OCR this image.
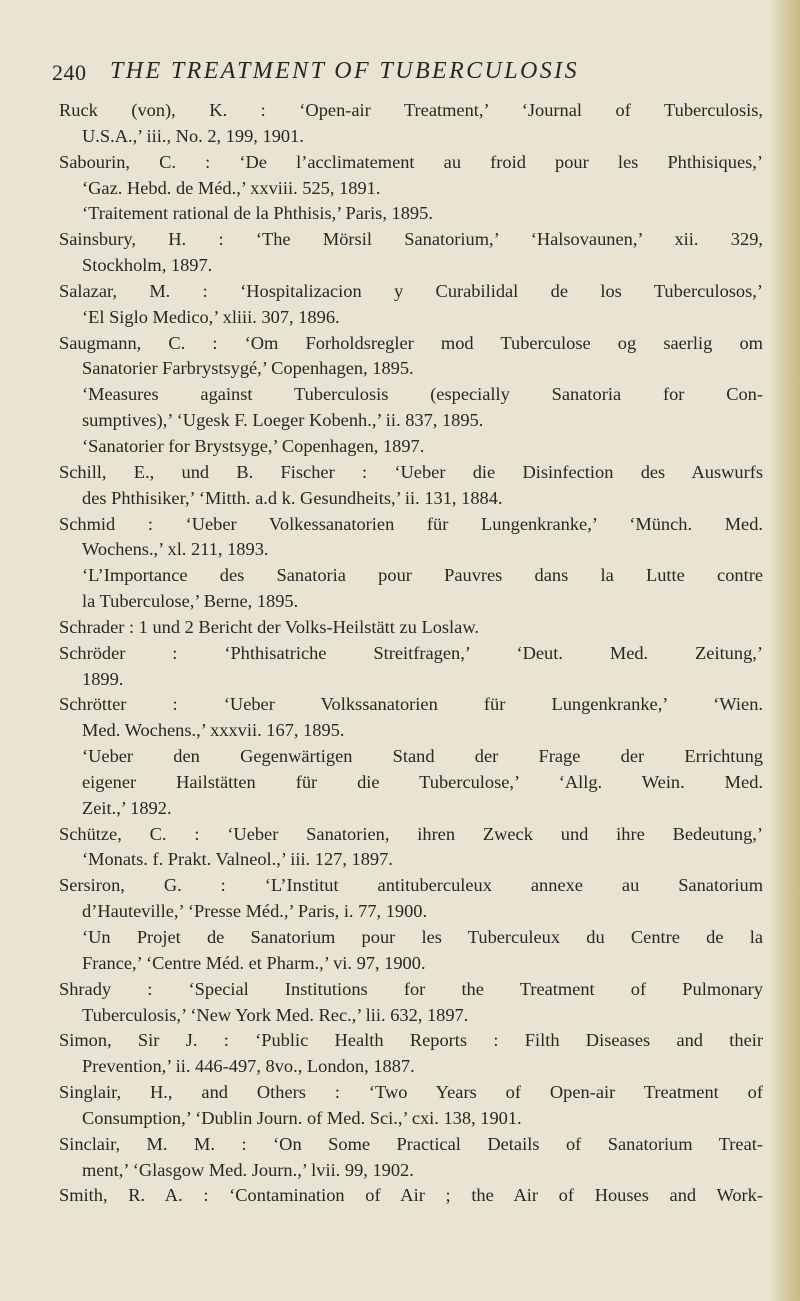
240 THE TREATMENT OF TUBERCULOSIS
Ruck (von), K. : ‘Open-air Treatment,’ ‘Journal of Tuberculosis,
U.S.A.,’ iii., No. 2, 199, 1901.
Sabourin, C. : ‘De l’acclimatement au froid pour les Phthisiques,’
‘Gaz. Hebd. de Méd.,’ xxviii. 525, 1891.
‘Traitement rational de la Phthisis,’ Paris, 1895.
Sainsbury, H. : ‘The Mörsil Sanatorium,’ ‘Halsovaunen,’ xii. 329,
Stockholm, 1897.
Salazar, M. : ‘Hospitalizacion y Curabilidal de los Tuberculosos,’
‘El Siglo Medico,’ xliii. 307, 1896.
Saugmann, C. : ‘Om Forholdsregler mod Tuberculose og saerlig om
Sanatorier Farbrystsygé,’ Copenhagen, 1895.
‘Measures against Tuberculosis (especially Sanatoria for Con-
sumptives),’ ‘Ugesk F. Loeger Kobenh.,’ ii. 837, 1895.
‘Sanatorier for Brystsyge,’ Copenhagen, 1897.
Schill, E., und B. Fischer : ‘Ueber die Disinfection des Auswurfs
des Phthisiker,’ ‘Mitth. a.d k. Gesundheits,’ ii. 131, 1884.
Schmid : ‘Ueber Volkessanatorien für Lungenkranke,’ ‘Münch. Med.
Wochens.,’ xl. 211, 1893.
‘L’Importance des Sanatoria pour Pauvres dans la Lutte contre
la Tuberculose,’ Berne, 1895.
Schrader : 1 und 2 Bericht der Volks-Heilstätt zu Loslaw.
Schröder : ‘Phthisatriche Streitfragen,’ ‘Deut. Med. Zeitung,’
1899.
Schrötter : ‘Ueber Volkssanatorien für Lungenkranke,’ ‘Wien.
Med. Wochens.,’ xxxvii. 167, 1895.
‘Ueber den Gegenwärtigen Stand der Frage der Errichtung
eigener Hailstätten für die Tuberculose,’ ‘Allg. Wein. Med.
Zeit.,’ 1892.
Schütze, C. : ‘Ueber Sanatorien, ihren Zweck und ihre Bedeutung,’
‘Monats. f. Prakt. Valneol.,’ iii. 127, 1897.
Sersiron, G. : ‘L’Institut antituberculeux annexe au Sanatorium
d’Hauteville,’ ‘Presse Méd.,’ Paris, i. 77, 1900.
‘Un Projet de Sanatorium pour les Tuberculeux du Centre de la
France,’ ‘Centre Méd. et Pharm.,’ vi. 97, 1900.
Shrady : ‘Special Institutions for the Treatment of Pulmonary
Tuberculosis,’ ‘New York Med. Rec.,’ lii. 632, 1897.
Simon, Sir J. : ‘Public Health Reports : Filth Diseases and their
Prevention,’ ii. 446-497, 8vo., London, 1887.
Singlair, H., and Others : ‘Two Years of Open-air Treatment of
Consumption,’ ‘Dublin Journ. of Med. Sci.,’ cxi. 138, 1901.
Sinclair, M. M. : ‘On Some Practical Details of Sanatorium Treat-
ment,’ ‘Glasgow Med. Journ.,’ lvii. 99, 1902.
Smith, R. A. : ‘Contamination of Air ; the Air of Houses and Work-
